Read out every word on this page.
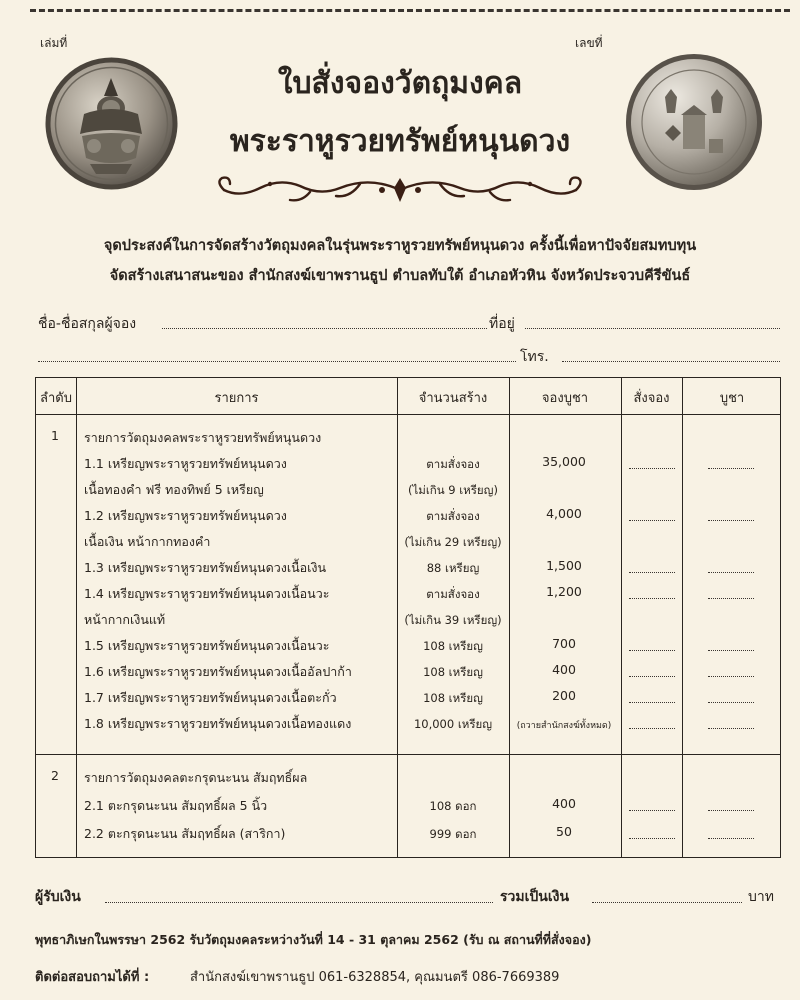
เล่มที่	เลขที่
ใบสั่งจองวัตถุมงคล
พระราหูรวยทรัพย์หนุนดวง
จุดประสงค์ในการจัดสร้างวัตถุมงคลในรุ่นพระราหูรวยทรัพย์หนุนดวง ครั้งนี้เพื่อหาปัจจัยสมทบทุน
จัดสร้างเสนาสนะของ สำนักสงฆ์เขาพรานธูป ตำบลทับใต้ อำเภอหัวหิน จังหวัดประจวบคีรีขันธ์
ชื่อ-ชื่อสกุลผู้จอง	ที่อยู่
โทร.
ลำดับ	รายการ	จำนวนสร้าง	จองบูชา	สั่งจอง	บูชา
1 รายการวัตถุมงคลพระราหูรวยทรัพย์หนุนดวง
1.1 เหรียญพระราหูรวยทรัพย์หนุนดวง	ตามสั่งจอง	35,000
เนื้อทองคำ ฟรี ทองทิพย์ 5 เหรียญ	(ไม่เกิน 9 เหรียญ)
1.2 เหรียญพระราหูรวยทรัพย์หนุนดวง	ตามสั่งจอง	4,000
เนื้อเงิน หน้ากากทองคำ	(ไม่เกิน 29 เหรียญ)
1.3 เหรียญพระราหูรวยทรัพย์หนุนดวงเนื้อเงิน	88 เหรียญ	1,500
1.4 เหรียญพระราหูรวยทรัพย์หนุนดวงเนื้อนวะ	ตามสั่งจอง	1,200
หน้ากากเงินแท้	(ไม่เกิน 39 เหรียญ)
1.5 เหรียญพระราหูรวยทรัพย์หนุนดวงเนื้อนวะ	108 เหรียญ	700
1.6 เหรียญพระราหูรวยทรัพย์หนุนดวงเนื้ออัลปาก้า	108 เหรียญ	400
1.7 เหรียญพระราหูรวยทรัพย์หนุนดวงเนื้อตะกั่ว	108 เหรียญ	200
1.8 เหรียญพระราหูรวยทรัพย์หนุนดวงเนื้อทองแดง	10,000 เหรียญ	(ถวายสำนักสงฆ์ทั้งหมด)
2 รายการวัตถุมงคลตะกรุดนะนน สัมฤทธิ์ผล
2.1 ตะกรุดนะนน สัมฤทธิ์ผล 5 นิ้ว	108 ดอก	400
2.2 ตะกรุดนะนน สัมฤทธิ์ผล (สาริกา)	999 ดอก	50
ผู้รับเงิน	รวมเป็นเงิน	บาท
พุทธาภิเษกในพรรษา 2562 รับวัตถุมงคลระหว่างวันที่ 14 - 31 ตุลาคม 2562 (รับ ณ สถานที่ที่สั่งจอง)
ติดต่อสอบถามได้ที่ :	สำนักสงฆ์เขาพรานธูป 061-6328854, คุณมนตรี 086-7669389
